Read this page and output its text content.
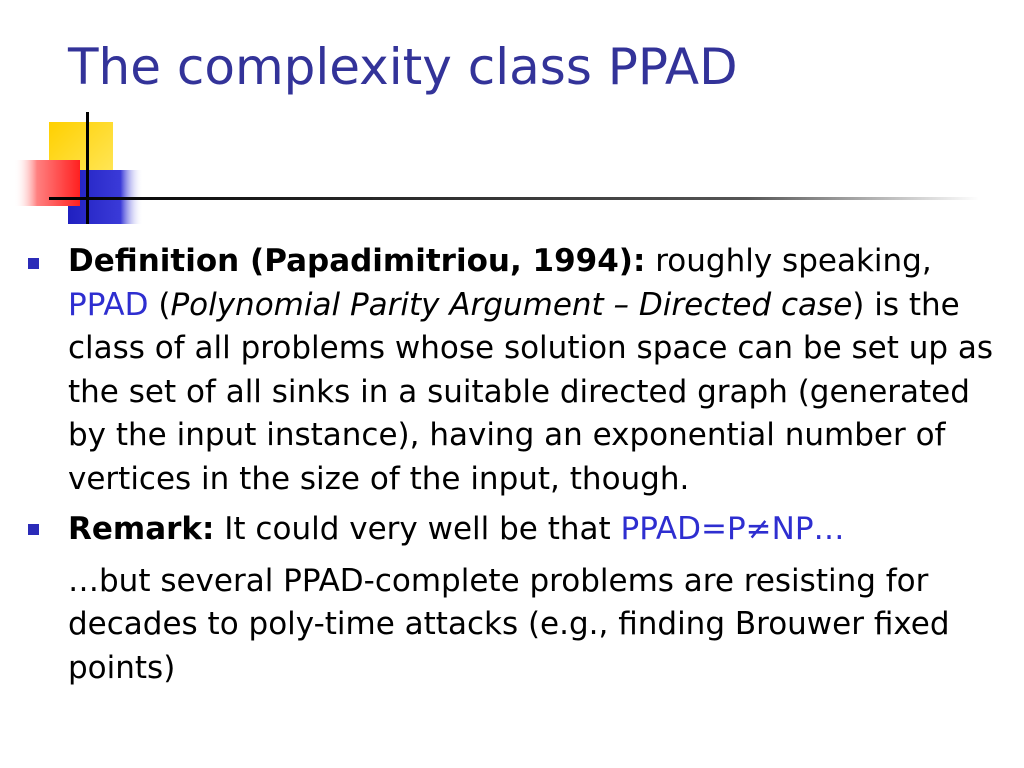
The complexity class PPAD

Definition (Papadimitriou, 1994): roughly speaking, PPAD (Polynomial Parity Argument – Directed case) is the class of all problems whose solution space can be set up as the set of all sinks in a suitable directed graph (generated by the input instance), having an exponential number of vertices in the size of the input, though.

Remark: It could very well be that PPAD=P≠NP…

…but several PPAD-complete problems are resisting for decades to poly-time attacks (e.g., finding Brouwer fixed points)
